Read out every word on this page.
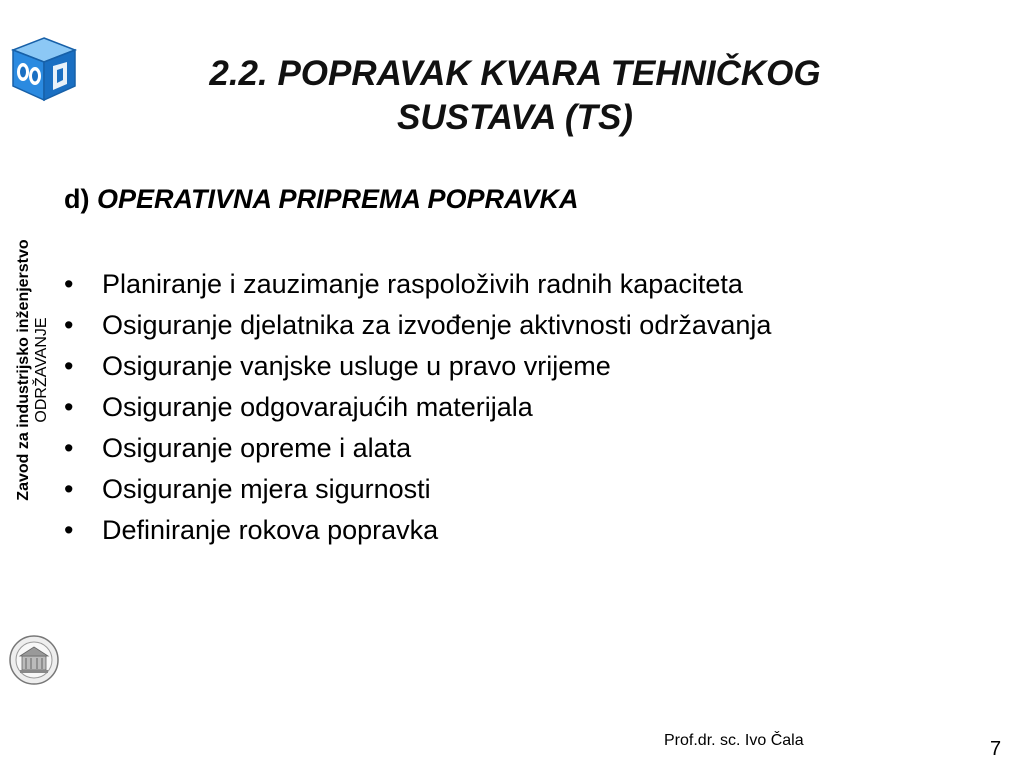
2.2. POPRAVAK KVARA TEHNIČKOG
SUSTAVA (TS)
Zavod za industrijsko inženjerstvo ODRŽAVANJE
d) OPERATIVNA PRIPREMA POPRAVKA
• Planiranje i zauzimanje raspoloživih radnih kapaciteta
• Osiguranje djelatnika za izvođenje aktivnosti održavanja
• Osiguranje vanjske usluge u pravo vrijeme
• Osiguranje odgovarajućih materijala
• Osiguranje opreme i alata
• Osiguranje mjera sigurnosti
• Definiranje rokova popravka
Prof.dr. sc. Ivo Čala	7
